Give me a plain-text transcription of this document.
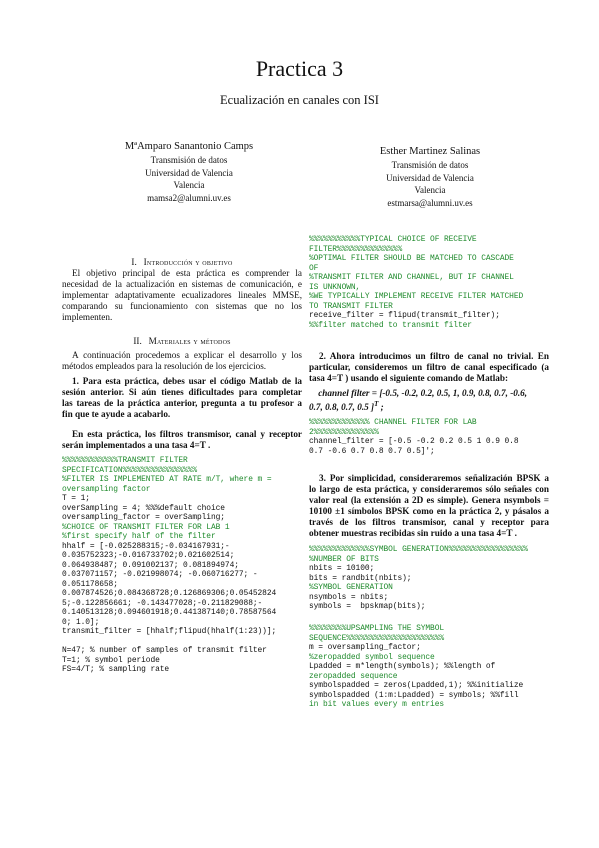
Practica 3
Ecualización en canales con ISI
MªAmparo Sanantonio Camps
Transmisión de datos
Universidad de Valencia
Valencia
mamsa2@alumni.uv.es
Esther Martinez Salinas
Transmisión de datos
Universidad de Valencia
Valencia
estmarsa@alumni.uv.es
I. Introducción y objetivo
El objetivo principal de esta práctica es comprender la
necesidad de la actualización en sistemas de comunicación, e
implementar adaptativamente ecualizadores lineales MMSE,
comparando su funcionamiento con sistemas que no los
implementen.
II. Materiales y métodos
A continuación procedemos a explicar el desarrollo y los
métodos empleados para la resolución de los ejercicios.
1. Para esta práctica, debes usar el código Matlab de la
sesión anterior. Si aún tienes dificultades para completar
las tareas de la práctica anterior, pregunta a tu profesor a
fin que te ayude a acabarlo.
En esta práctica, los filtros transmisor, canal y receptor
serán implementados a una tasa 4=T .
%%%%%%%%%%%%TRANSMIT FILTER
SPECIFICATION%%%%%%%%%%%%%%%%
%FILTER IS IMPLEMENTED AT RATE m/T, where m =
oversampling factor
T = 1;
overSampling = 4; %%%default choice
oversampling_factor = overSampling;
%CHOICE OF TRANSMIT FILTER FOR LAB 1
%first specify half of the filter
hhalf = [-0.025288315;-0.034167931;-
0.035752323;-0.016733702;0.021602514;
0.064938487; 0.091002137; 0.081894974;
0.037071157; -0.021998074; -0.060716277; -
0.051178658;
0.007874526;0.084368728;0.126869306;0.05452824
5;-0.122856661; -0.143477028;-0.211829088;-
0.140513128;0.094601918;0.441387140;0.78587564
0; 1.0];
transmit_filter = [hhalf;flipud(hhalf(1:23))];

N=47; % number of samples of transmit filter
T=1; % symbol periode
FS=4/T; % sampling rate
%%%%%%%%%%%TYPICAL CHOICE OF RECEIVE
FILTER%%%%%%%%%%%%%%
%OPTIMAL FILTER SHOULD BE MATCHED TO CASCADE
OF
%TRANSMIT FILTER AND CHANNEL, BUT IF CHANNEL
IS UNKNOWN,
%WE TYPICALLY IMPLEMENT RECEIVE FILTER MATCHED
TO TRANSMIT FILTER
receive_filter = flipud(transmit_filter);
%%filter matched to transmit filter
2. Ahora introducimos un filtro de canal no trivial. En
particular, consideremos un filtro de canal especificado (a
tasa 4=T ) usando el siguiente comando de Matlab:
channel filter = [-0.5, -0.2, 0.2, 0.5, 1, 0.9, 0.8, 0.7, -0.6,
0.7, 0.8, 0.7, 0.5 ]$^T$ ;
%%%%%%%%%%%%% CHANNEL FILTER FOR LAB
2%%%%%%%%%%%%%%
channel_filter = [-0.5 -0.2 0.2 0.5 1 0.9 0.8
0.7 -0.6 0.7 0.8 0.7 0.5]';
3. Por simplicidad, consideraremos señalización BPSK a
lo largo de esta práctica, y consideraremos sólo señales con
valor real (la extensión a 2D es simple). Genera nsymbols =
10100 ±1 símbolos BPSK como en la práctica 2, y pásalos a
través de los filtros transmisor, canal y receptor para
obtener muestras recibidas sin ruido a una tasa 4=T .
%%%%%%%%%%%%%SYMBOL GENERATION%%%%%%%%%%%%%%%%%
%NUMBER OF BITS
nbits = 10100;
bits = randbit(nbits);
%SYMBOL GENERATION
nsymbols = nbits;
symbols =  bpskmap(bits);
%%%%%%%%UPSAMPLING THE SYMBOL
SEQUENCE%%%%%%%%%%%%%%%%%%%%%
m = oversampling_factor;
%zeropadded symbol sequence
Lpadded = m*length(symbols); %%length of
zeropadded sequence
symbolspadded = zeros(Lpadded,1); %%initialize
symbolspadded (1:m:Lpadded) = symbols; %%fill
in bit values every m entries
